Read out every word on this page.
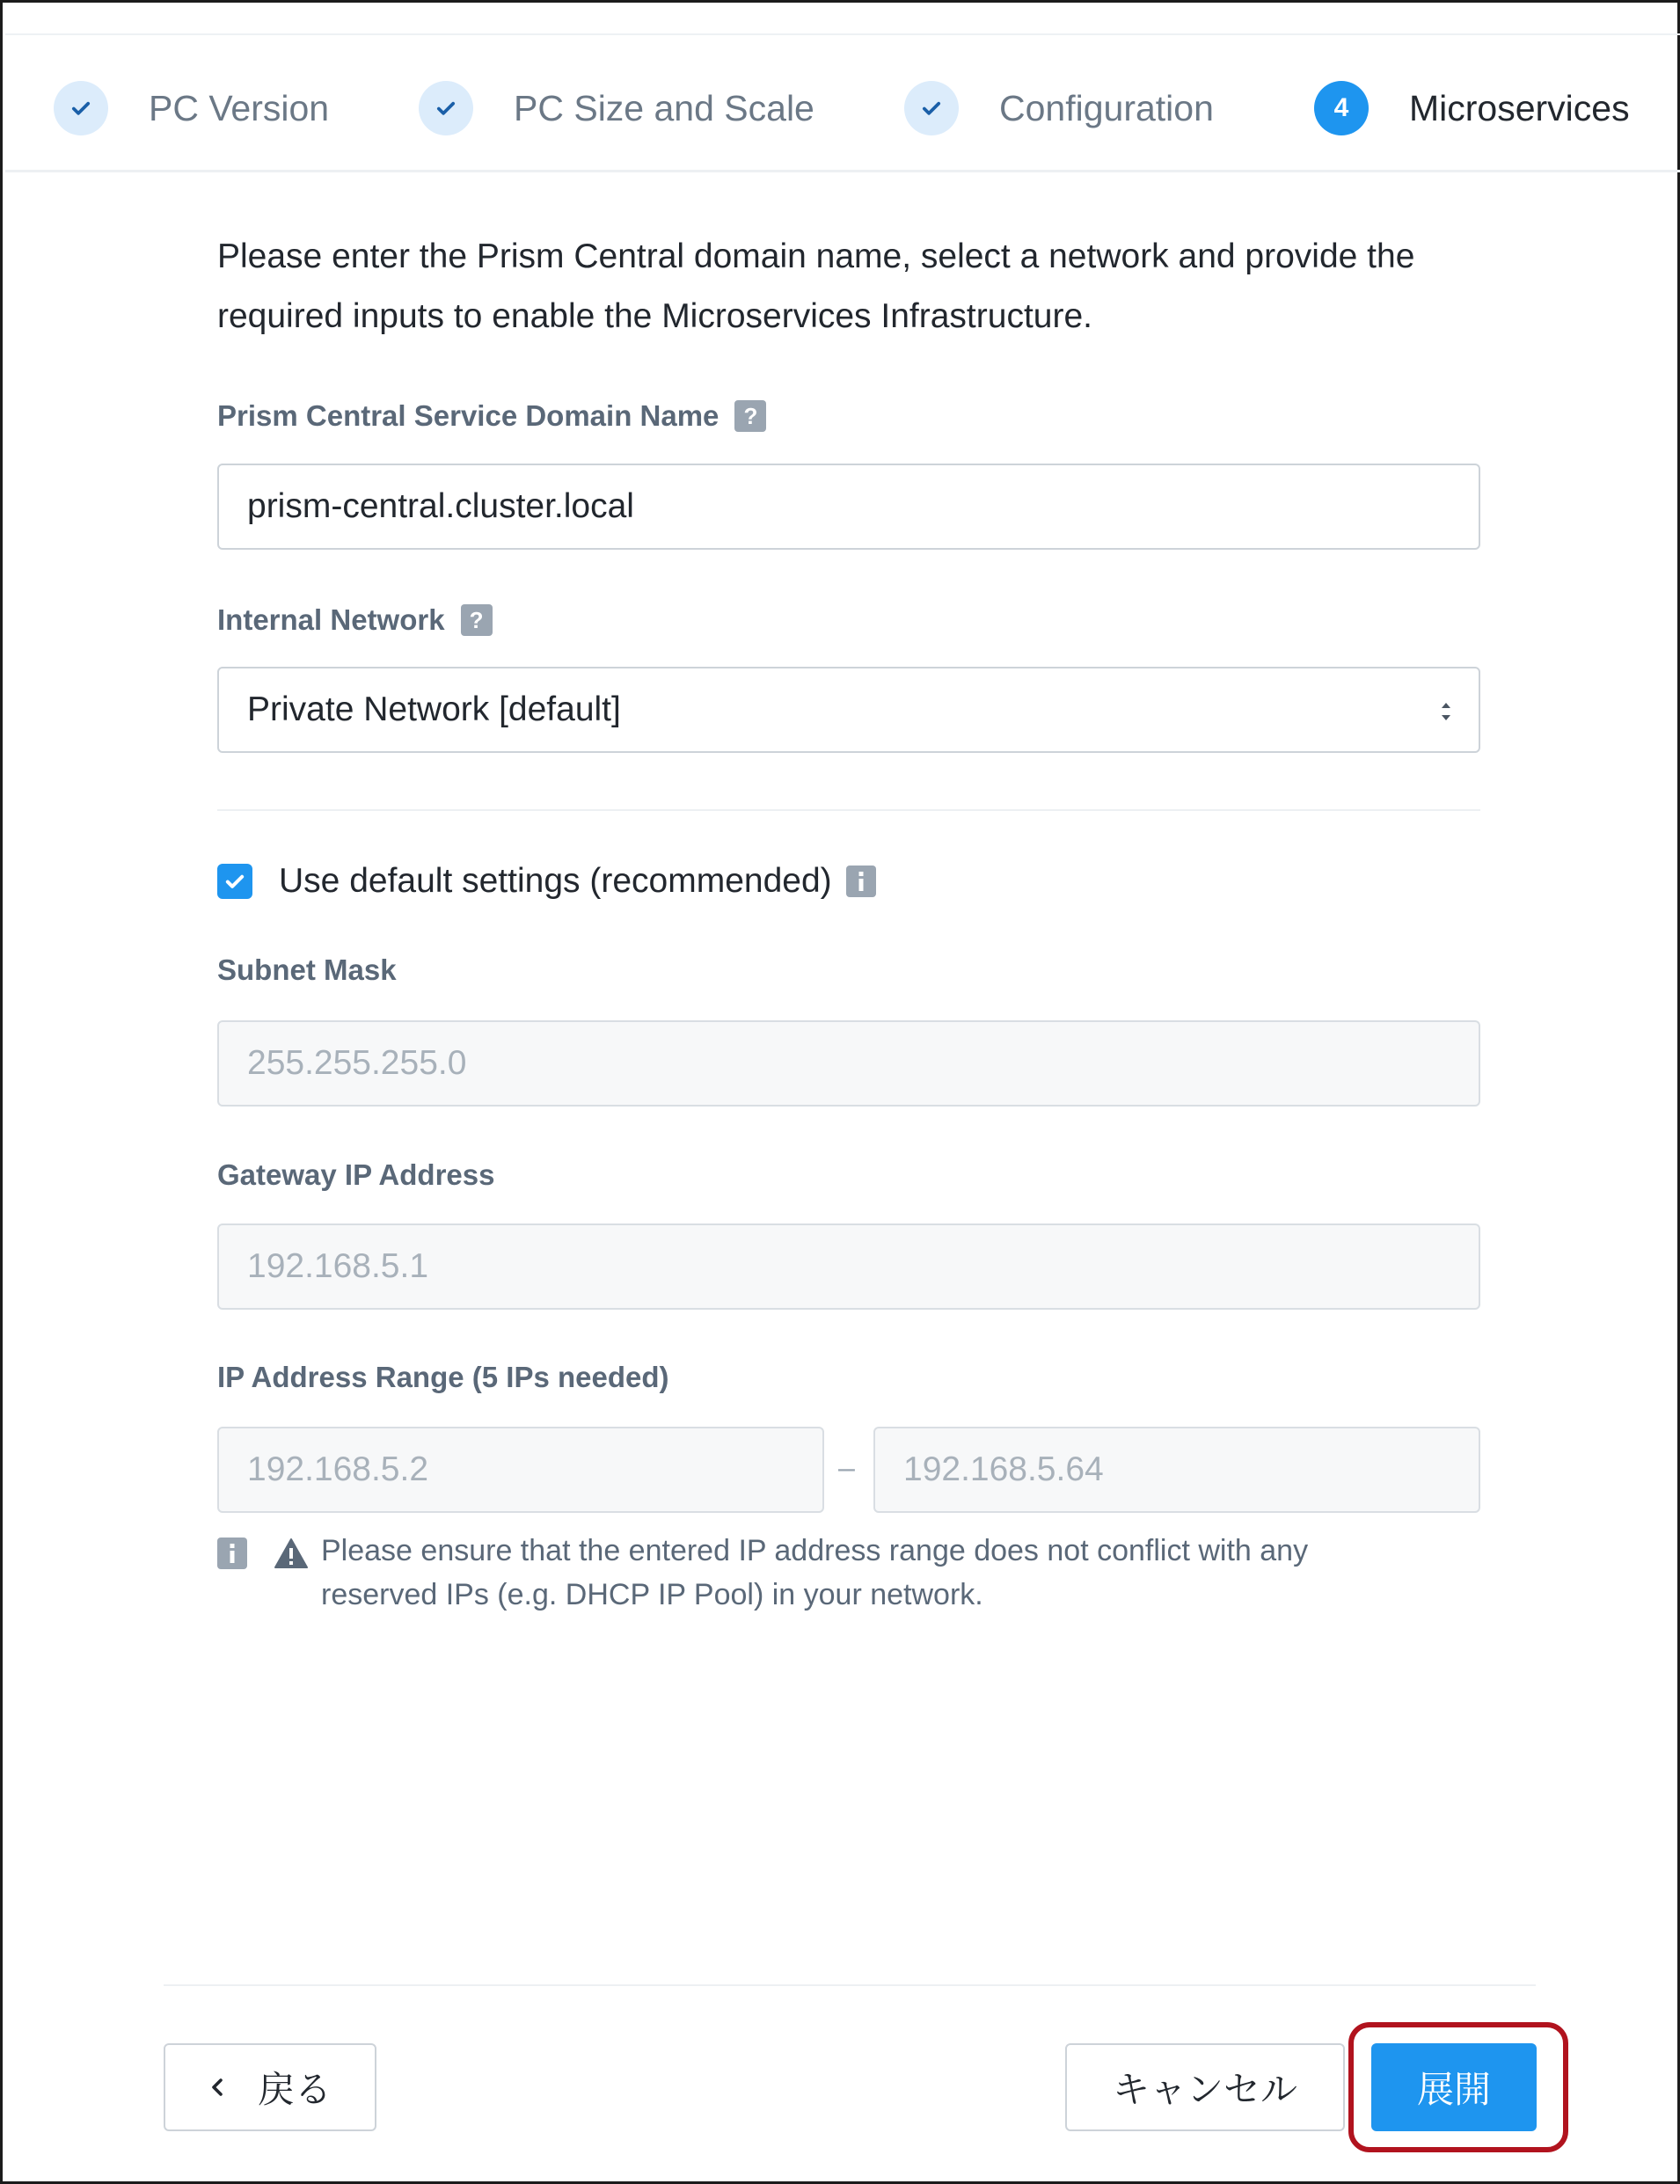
PC Version	PC Size and Scale	Configuration	4	Microservices

Please enter the Prism Central domain name, select a network and provide the required inputs to enable the Microservices Infrastructure.

Prism Central Service Domain Name	?
prism-central.cluster.local
Internal Network	?
Private Network [default]
Use default settings (recommended)
Subnet Mask
255.255.255.0
Gateway IP Address
192.168.5.1
IP Address Range (5 IPs needed)
192.168.5.2	– 192.168.5.64

Please ensure that the entered IP address range does not conflict with any reserved IPs (e.g. DHCP IP Pool) in your network.

戻る	キャンセル	展開
